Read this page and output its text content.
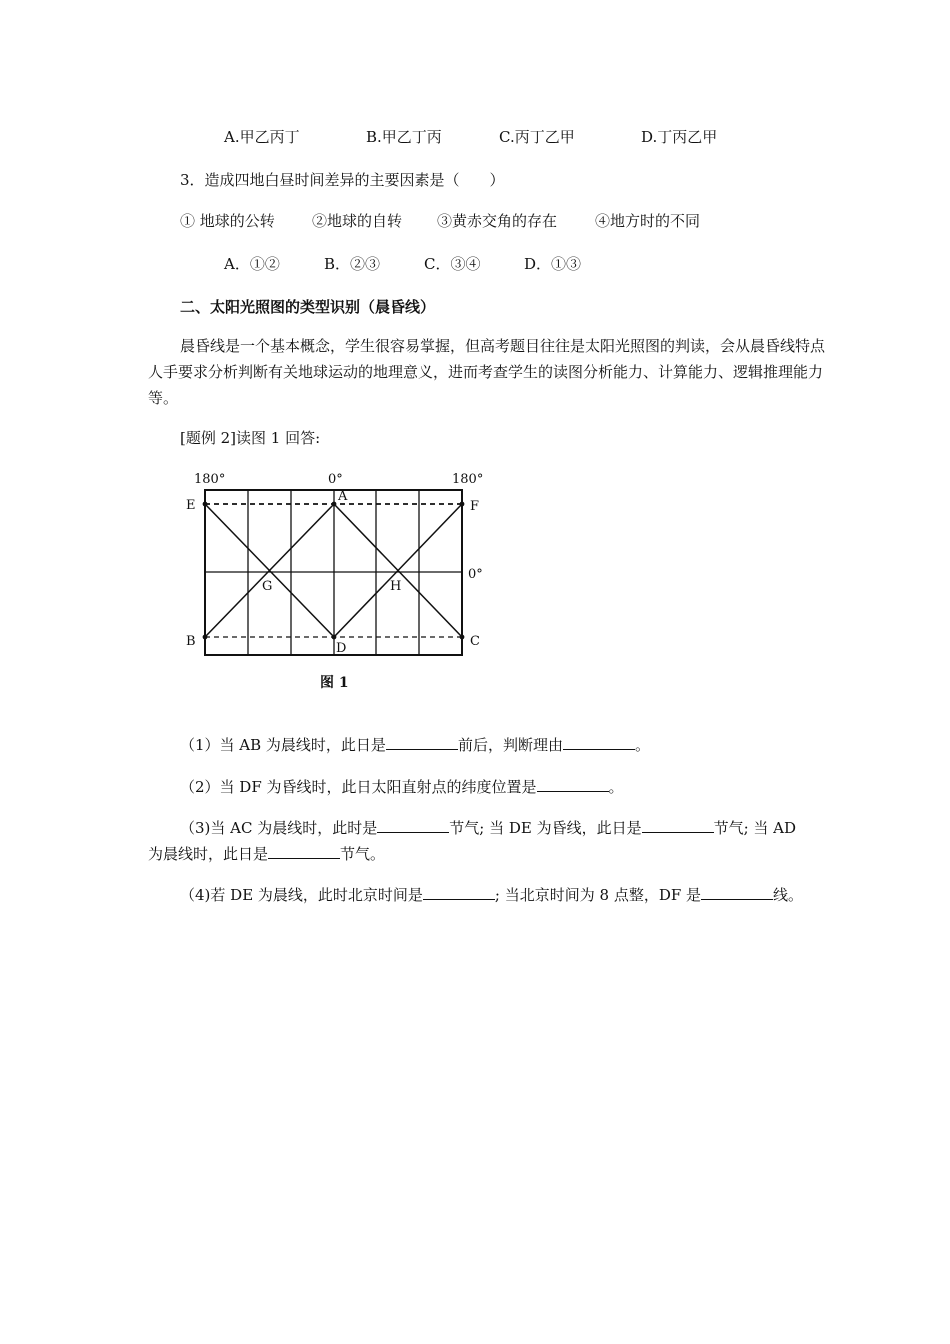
A.甲乙丙丁	B.甲乙丁丙	C.丙丁乙甲	D.丁丙乙甲
3．造成四地白昼时间差异的主要因素是（　　）
① 地球的公转 ②地球的自转 ③黄赤交角的存在	④地方时的不同
A．①②	B．②③	C．③④	D．①③
二、太阳光照图的类型识别（晨昏线）
晨昏线是一个基本概念，学生很容易掌握，但高考题目往往是太阳光照图的判读，会从晨昏线特点人手要求分析判断有关地球运动的地理意义，进而考查学生的读图分析能力、计算能力、逻辑推理能力等。
[题例 2]读图 1 回答:
180°	0°	180°
0°
A
B	C
D
E	F
G	H
图 1
（1）当 AB 为晨线时，此日是	前后，判断理由	。
（2）当 DF 为昏线时，此日太阳直射点的纬度位置是	。
（3)当 AC 为晨线时，此时是	节气; 当 DE 为昏线，此日是	节气; 当 AD
为晨线时，此日是	节气。
（4)若 DE 为晨线，此时北京时间是	; 当北京时间为 8 点整，DF 是	线。
